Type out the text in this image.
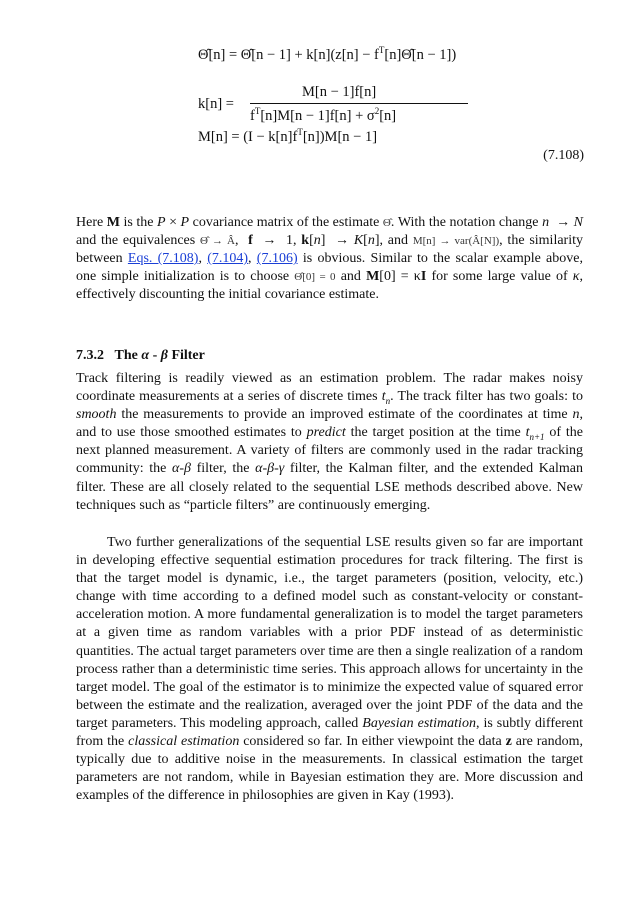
Θ̂[n] = Θ̂[n − $1] + k[n](z[n] - f^T[n]\Thetâ[n - 1])$
k[n] =
M[n − 1]f[n]
$f^T[n]M[n - 1]f[n] + \sigma^2[n]$
$M[n] = (I - k[n]f^T[n])M[n - 1]$
(7.108)
Here M is the P × P covariance matrix of the estimate Θ̂. With the notation change n  → N and the equivalences Θ̂ → Â,  f  →  1, k[n]  → K[n], and M[n] → var(Â[N]), the similarity between Eqs. (7.108), (7.104), (7.106) is obvious. Similar to the scalar example above, one simple initialization is to choose Θ̂[0] = 0 and M[0] = κI for some large value of κ, effectively discounting the initial covariance estimate.
7.3.2   The α - β Filter
Track filtering is readily viewed as an estimation problem. The radar makes noisy coordinate measurements at a series of discrete times $t_n$. The track filter has two goals: to smooth the measurements to provide an improved estimate of the coordinates at time n, and to use those smoothed estimates to predict the target position at the time $t_{n+1}$ of the next planned measurement. A variety of filters are commonly used in the radar tracking community: the α-β filter, the α-β-γ filter, the Kalman filter, and the extended Kalman filter. These are all closely related to the sequential LSE methods described above. New techniques such as “particle filters” are continuously emerging.
Two further generalizations of the sequential LSE results given so far are important in developing effective sequential estimation procedures for track filtering. The first is that the target model is dynamic, i.e., the target parameters (position, velocity, etc.) change with time according to a defined model such as constant-velocity or constant-acceleration motion. A more fundamental generalization is to model the target parameters at a given time as random variables with a prior PDF instead of as deterministic quantities. The actual target parameters over time are then a single realization of a random process rather than a deterministic time series. This approach allows for uncertainty in the target model. The goal of the estimator is to minimize the expected value of squared error between the estimate and the realization, averaged over the joint PDF of the data and the target parameters. This modeling approach, called Bayesian estimation, is subtly different from the classical estimation considered so far. In either viewpoint the data z are random, typically due to additive noise in the measurements. In classical estimation the target parameters are not random, while in Bayesian estimation they are. More discussion and examples of the difference in philosophies are given in Kay (1993).
